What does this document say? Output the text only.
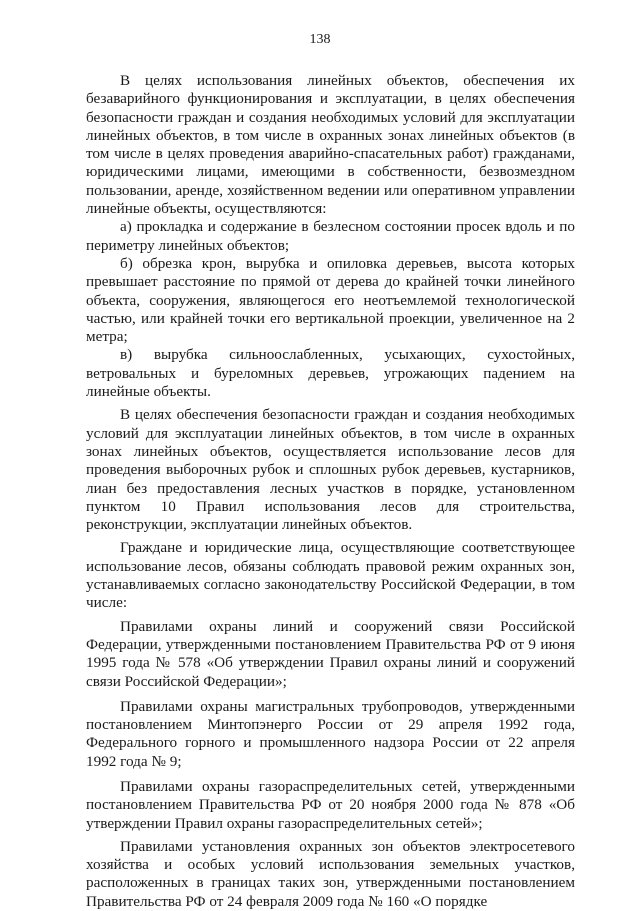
138

В целях использования линейных объектов, обеспечения их безаварийного функционирования и эксплуатации, в целях обеспечения безопасности граждан и создания необходимых условий для эксплуатации линейных объектов, в том числе в охранных зонах линейных объектов (в том числе в целях проведения аварийно-спасательных работ) гражданами, юридическими лицами, имеющими в собственности, безвозмездном пользовании, аренде, хозяйственном ведении или оперативном управлении линейные объекты, осуществляются:

а) прокладка и содержание в безлесном состоянии просек вдоль и по периметру линейных объектов;

б) обрезка крон, вырубка и опиловка деревьев, высота которых превышает расстояние по прямой от дерева до крайней точки линейного объекта, сооружения, являющегося его неотъемлемой технологической частью, или крайней точки его вертикальной проекции, увеличенное на 2 метра;

в) вырубка сильноослабленных, усыхающих, сухостойных, ветровальных и буреломных деревьев, угрожающих падением на линейные объекты.

В целях обеспечения безопасности граждан и создания необходимых условий для эксплуатации линейных объектов, в том числе в охранных зонах линейных объектов, осуществляется использование лесов для проведения выборочных рубок и сплошных рубок деревьев, кустарников, лиан без предоставления лесных участков в порядке, установленном пунктом 10 Правил использования лесов для строительства, реконструкции, эксплуатации линейных объектов.

Граждане и юридические лица, осуществляющие соответствующее использование лесов, обязаны соблюдать правовой режим охранных зон, устанавливаемых согласно законодательству Российской Федерации, в том числе:

Правилами охраны линий и сооружений связи Российской Федерации, утвержденными постановлением Правительства РФ от 9 июня 1995 года № 578 «Об утверждении Правил охраны линий и сооружений связи Российской Федерации»;

Правилами охраны магистральных трубопроводов, утвержденными постановлением Минтопэнерго России от 29 апреля 1992 года, Федерального горного и промышленного надзора России от 22 апреля 1992 года № 9;

Правилами охраны газораспределительных сетей, утвержденными постановлением Правительства РФ от 20 ноября 2000 года № 878 «Об утверждении Правил охраны газораспределительных сетей»;

Правилами установления охранных зон объектов электросетевого хозяйства и особых условий использования земельных участков, расположенных в границах таких зон, утвержденными постановлением Правительства РФ от 24 февраля 2009 года № 160 «О порядке
